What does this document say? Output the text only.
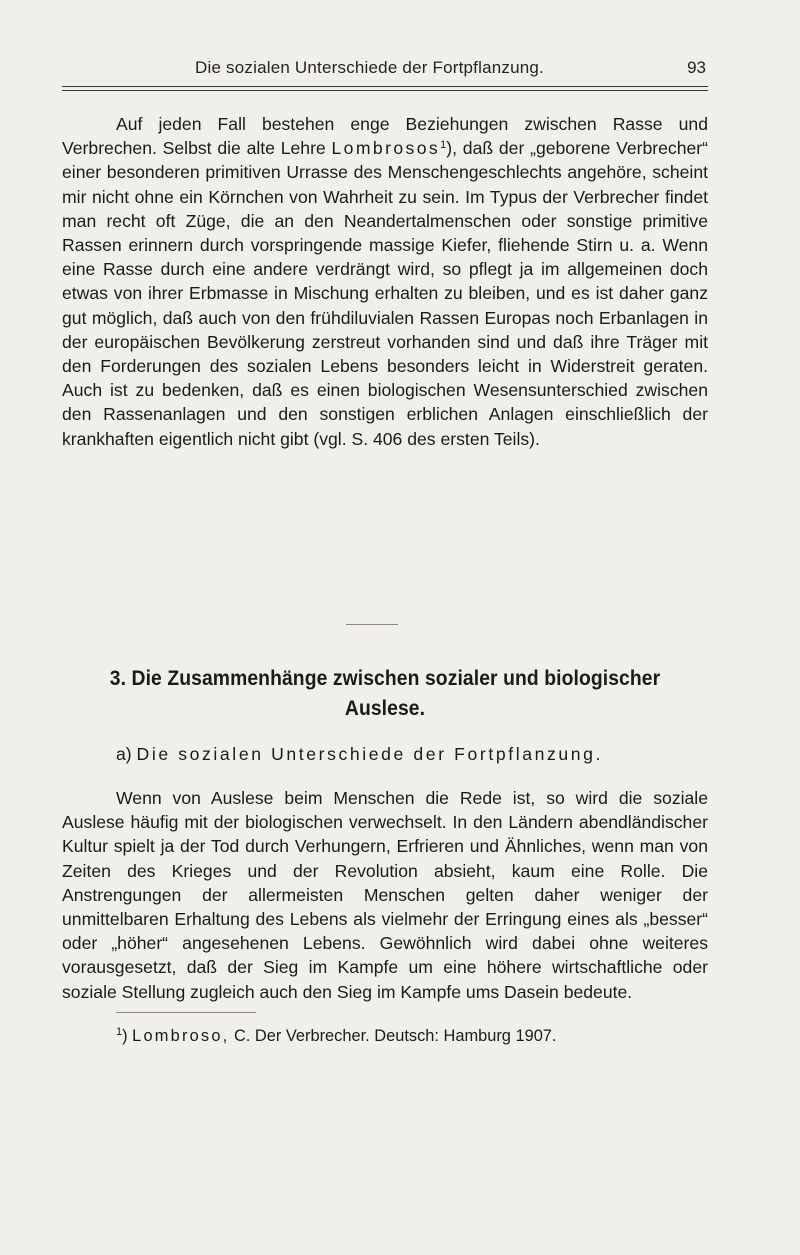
Die sozialen Unterschiede der Fortpflanzung.	93

Auf jeden Fall bestehen enge Beziehungen zwischen Rasse und Verbrechen. Selbst die alte Lehre Lombrosos$^1$), daß der „geborene Verbrecher“ einer besonderen primitiven Urrasse des Menschengeschlechts angehöre, scheint mir nicht ohne ein Körnchen von Wahrheit zu sein. Im Typus der Verbrecher findet man recht oft Züge, die an den Neandertalmenschen oder sonstige primitive Rassen erinnern durch vorspringende massige Kiefer, fliehende Stirn u. a. Wenn eine Rasse durch eine andere verdrängt wird, so pflegt ja im allgemeinen doch etwas von ihrer Erbmasse in Mischung erhalten zu bleiben, und es ist daher ganz gut möglich, daß auch von den frühdiluvialen Rassen Europas noch Erbanlagen in der europäischen Bevölkerung zerstreut vorhanden sind und daß ihre Träger mit den Forderungen des sozialen Lebens besonders leicht in Widerstreit geraten. Auch ist zu bedenken, daß es einen biologischen Wesensunterschied zwischen den Rassenanlagen und den sonstigen erblichen Anlagen einschließlich der krankhaften eigentlich nicht gibt (vgl. S. 406 des ersten Teils).

3. Die Zusammenhänge zwischen sozialer und biologischer
Auslese.
a) Die sozialen Unterschiede der Fortpflanzung.

Wenn von Auslese beim Menschen die Rede ist, so wird die soziale Auslese häufig mit der biologischen verwechselt. In den Ländern abendländischer Kultur spielt ja der Tod durch Verhungern, Erfrieren und Ähnliches, wenn man von Zeiten des Krieges und der Revolution absieht, kaum eine Rolle. Die Anstrengungen der allermeisten Menschen gelten daher weniger der unmittelbaren Erhaltung des Lebens als vielmehr der Erringung eines als „besser“ oder „höher“ angesehenen Lebens. Gewöhnlich wird dabei ohne weiteres vorausgesetzt, daß der Sieg im Kampfe um eine höhere wirtschaftliche oder soziale Stellung zugleich auch den Sieg im Kampfe ums Dasein bedeute.

$^1$) Lombroso, C. Der Verbrecher. Deutsch: Hamburg 1907.
